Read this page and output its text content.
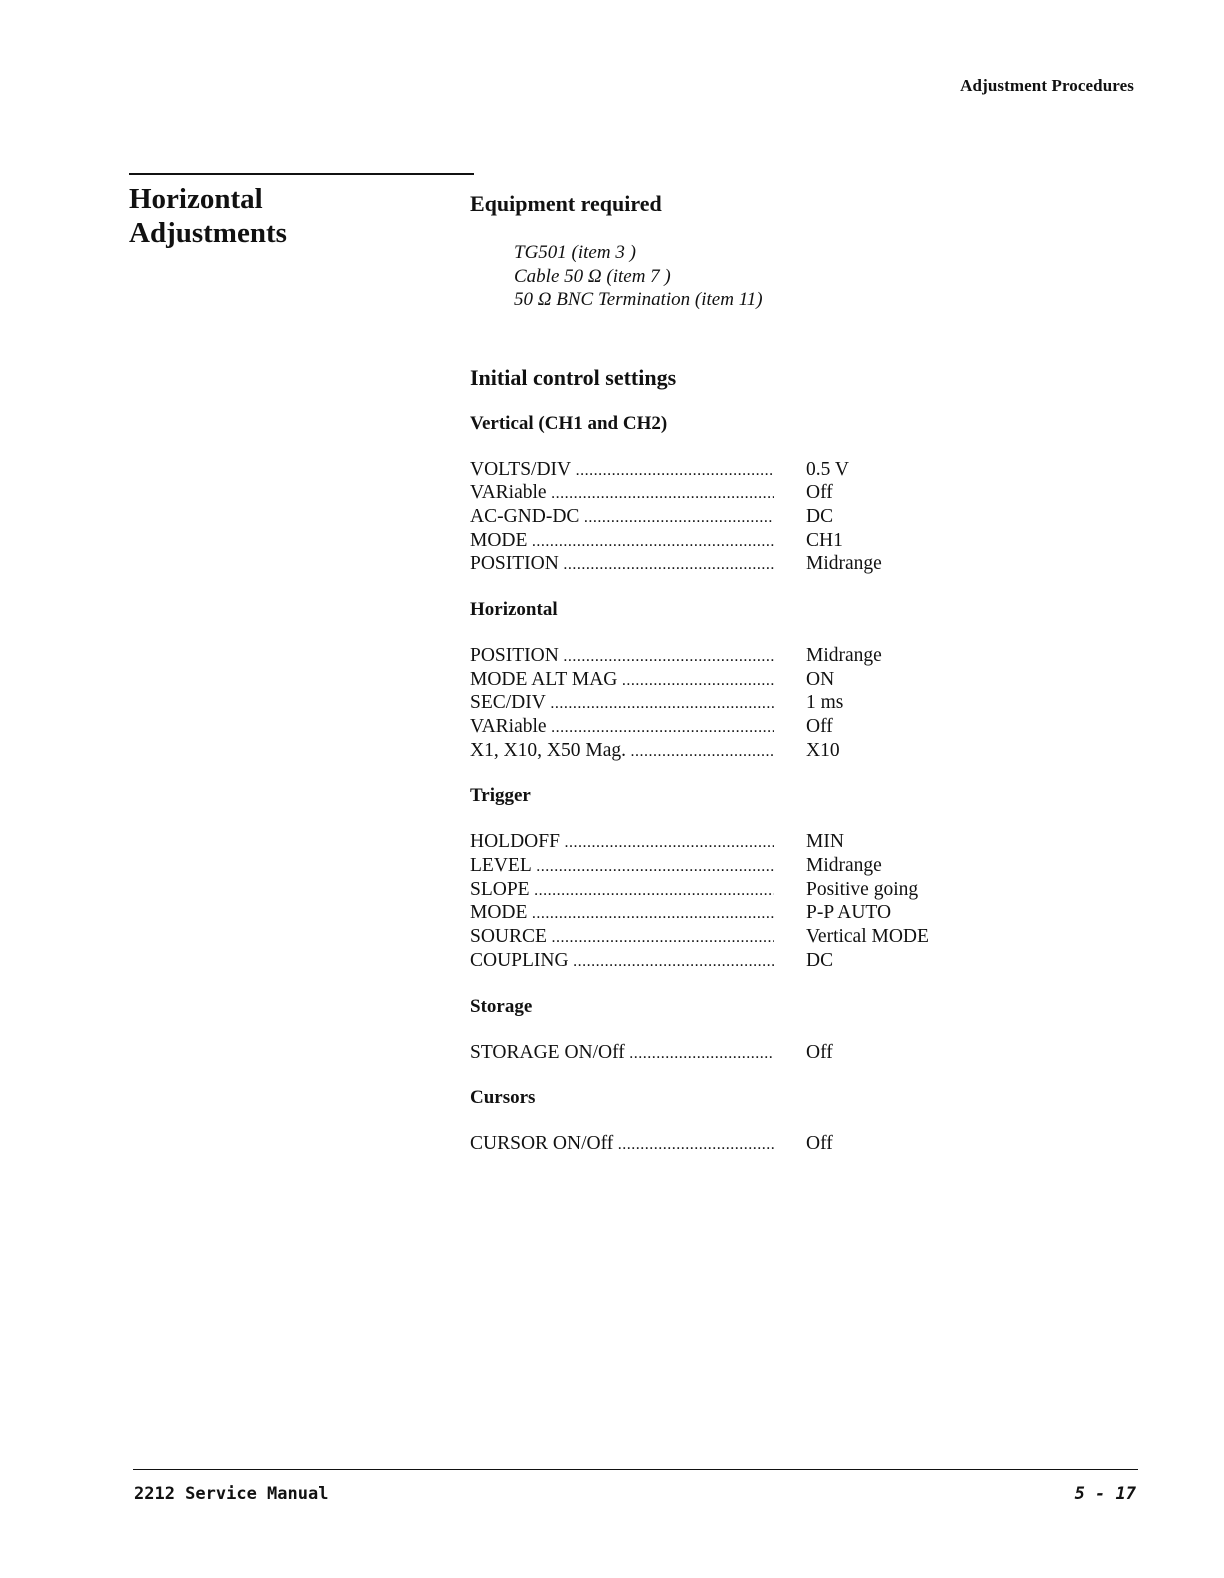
Adjustment Procedures
Horizontal
Adjustments
Equipment required
TG501 (item 3 )
Cable 50 Ω (item 7 )
50 Ω BNC Termination (item 11)
Initial control settings
Vertical (CH1 and CH2)
VOLTS/DIV .....	0.5 V
VARiable .....	Off
AC-GND-DC .....	DC
MODE .....	CH1
POSITION .....	Midrange
Horizontal
POSITION .....	Midrange
MODE ALT MAG .....	ON
SEC/DIV .....	1 ms
VARiable .....	Off
X1, X10, X50 Mag. .....	X10
Trigger
HOLDOFF .....	MIN
LEVEL .....	Midrange
SLOPE .....	Positive going
MODE .....	P-P AUTO
SOURCE .....	Vertical MODE
COUPLING .....	DC
Storage
STORAGE ON/Off .....	Off
Cursors
CURSOR ON/Off .....	Off
2212 Service Manual	5 - 17
